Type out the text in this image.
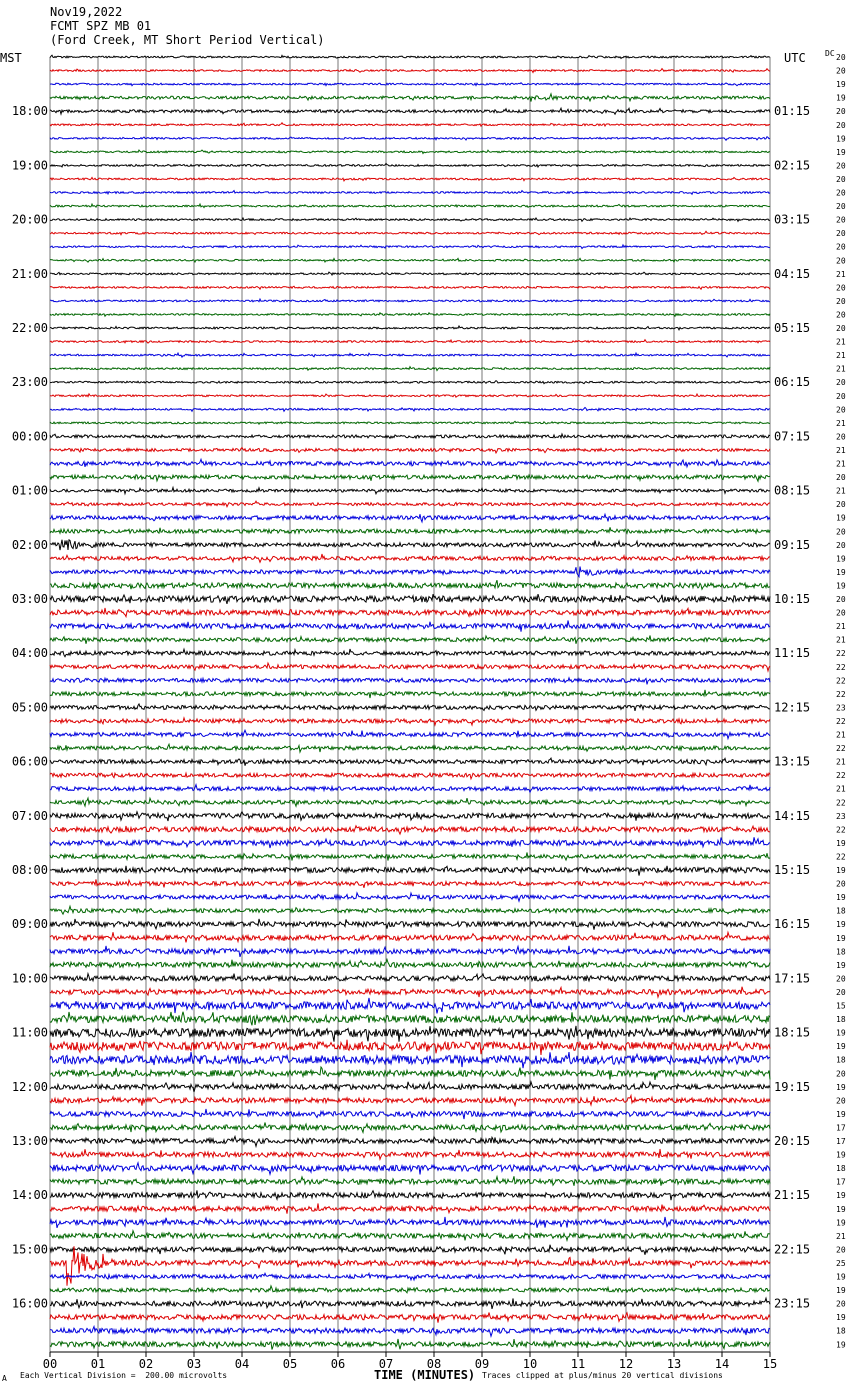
Nov19,2022
FCMT SPZ MB 01
(Ford Creek, MT Short Period Vertical)
MST	UTC DC
00	01	02	03	04	05	06	07	08	09	10	11	12	13	14	15
20
20
19
19
20
20
19
19
20
20
20
20
20
20
20
20
21
20
20
20
20
21
21
21
20
20
20
21
20
21
21
20
21
20
19
20
20
19
19
19
20
20
21
21
22
22
22
22
23
22
21
22
21
22
21
22
23
22
19
22
19
20
19
18
19
19
18
19
20
20
15
18
19
19
18
20
19
20
19
17
17
19
18
17
19
19
19
21
20
25
19
19
20
19
18
19
18:00
19:00
20:00
21:00
22:00
23:00
00:00
01:00
02:00
03:00
04:00
05:00
06:00
07:00
08:00
09:00
10:00
11:00
12:00
13:00
14:00
15:00
16:00
01:15
02:15
03:15
04:15
05:15
06:15
07:15
08:15
09:15
10:15
11:15
12:15
13:15
14:15
15:15
16:15
17:15
18:15
19:15
20:15
21:15
22:15
23:15
A Each Vertical Division =  200.00 microvolts	TIME (MINUTES) Traces clipped at plus/minus 20 vertical divisions
